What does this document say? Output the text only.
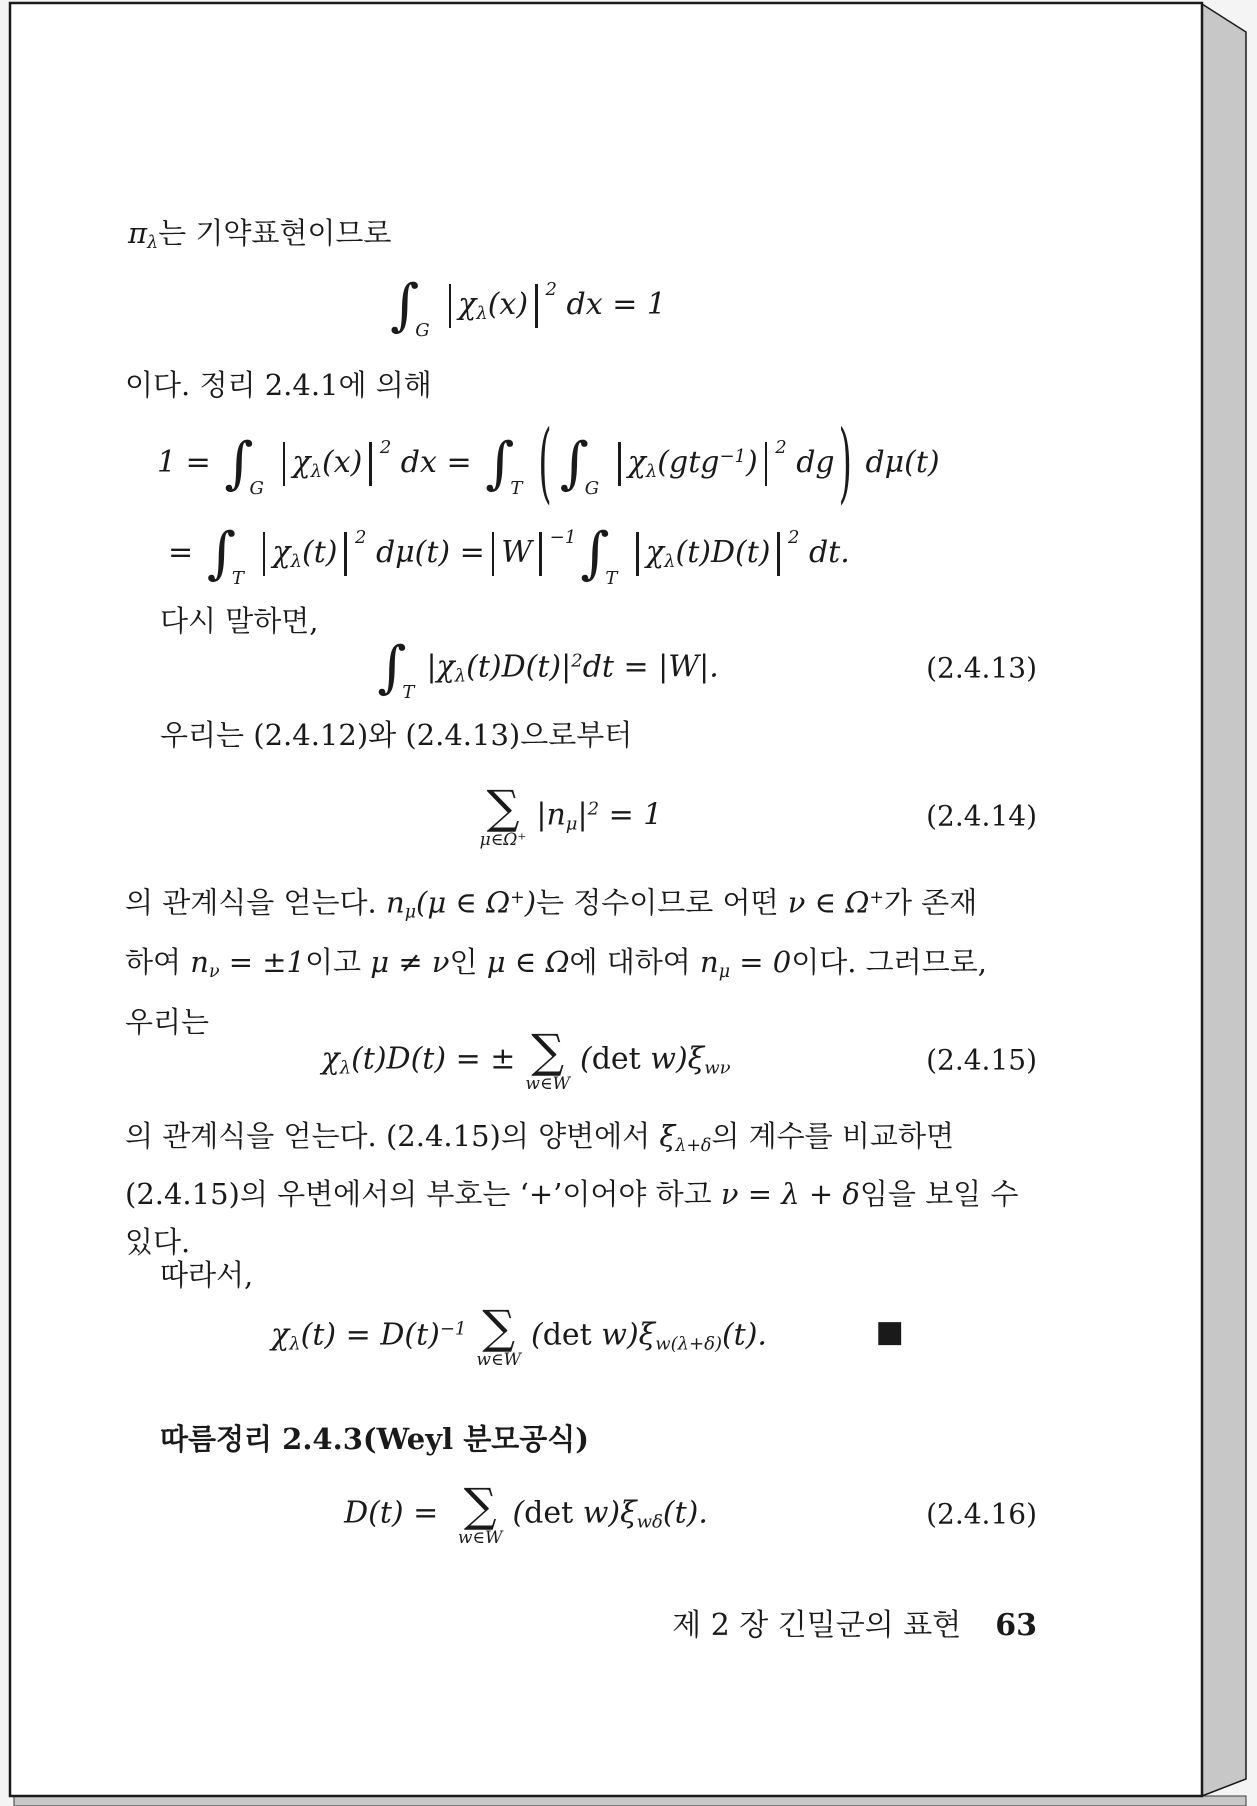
πλ는 기약표현이므로
∫Gχλ(x) $^2$ dx = 1
이다. 정리 2.4.1에 의해
1 = ∫Gχλ(x) $^2$ dx = ∫T ( ∫Gχλ(gtg$^{-1}$) $^2$ dg ) dμ(t)
= ∫Tχλ(t) $^2$ dμ(t) = W $^{-1}$∫Tχλ(t)D(t) $^2$ dt.
다시 말하면,
$\int T|\chi\lambda(t)D(t)|^2dt = |W|$.	(2.4.13)
우리는 (2.4.12)와 (2.4.13)으로부터
∑
μ∈Ω⁺
$|n\mu|^2 = 1$	(2.4.14)
의 관계식을 얻는다. nμ(μ ∈ Ω+)는 정수이므로 어떤 ν ∈ Ω+가 존재
하여 nν = ±1이고 μ ≠ ν인 μ ∈ Ω에 대하여 nμ = 0이다. 그러므로,
우리는
χλ(t)D(t) = ± ∑
w∈W
(det w)ξwν	(2.4.15)
의 관계식을 얻는다. (2.4.15)의 양변에서 ξλ+δ의 계수를 비교하면
(2.4.15)의 우변에서의 부호는 ‘+’이어야 하고 ν = λ + δ임을 보일 수
있다.
따라서,
$\chi\lambda(t) = D(t)^{-1}$ ∑
w∈W
(det w)ξw(λ+δ)(t).	■
따름정리 2.4.3(Weyl 분모공식)
D(t) = ∑
w∈W
(det w)ξwδ(t).	(2.4.16)
제 2 장 긴밀군의 표현 63
